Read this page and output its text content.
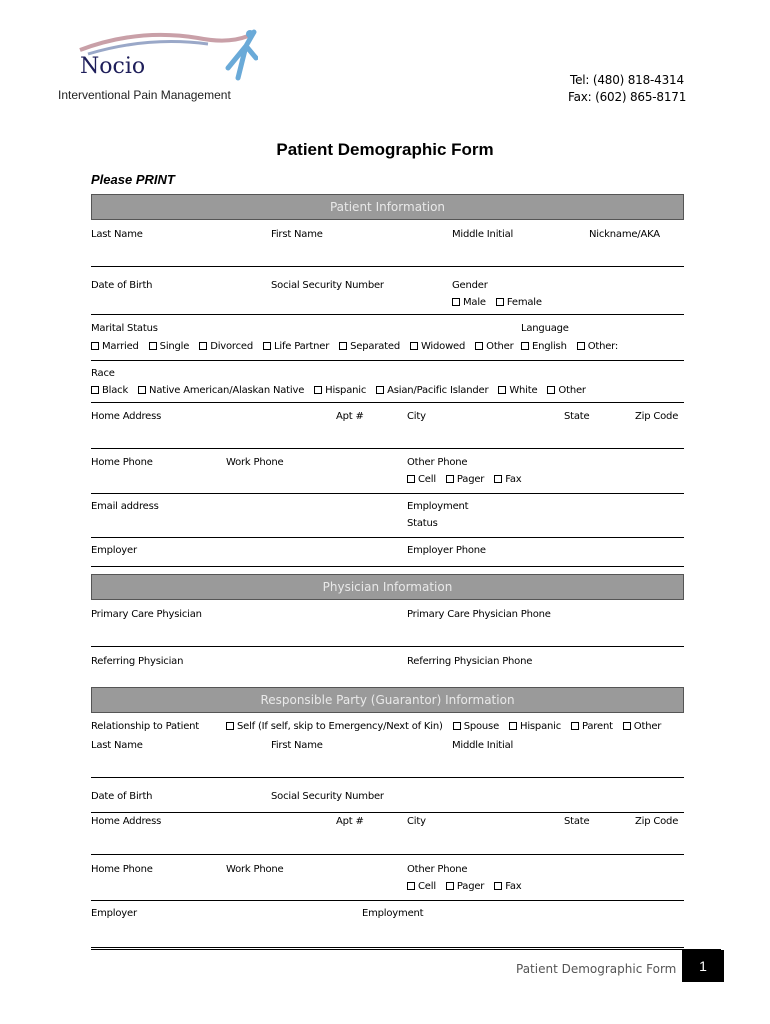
Nocio
Interventional Pain Management
Tel: (480) 818-4314
Fax: (602) 865-8171
Patient Demographic Form
Please PRINT
Patient Information
Last Name	First Name	Middle Initial	Nickname/AKA
Date of Birth	Social Security Number	Gender
Male Female
Marital Status	Language
Married Single Divorced Life Partner Separated Widowed Other	English Other:
Race
Black Native American/Alaskan Native Hispanic Asian/Pacific Islander White Other
Home Address	Apt #	City	State	Zip Code
Home Phone	Work Phone	Other Phone
Cell Pager Fax
Email address	Employment
Status
Employer	Employer Phone
Physician Information
Primary Care Physician	Primary Care Physician Phone
Referring Physician	Referring Physician Phone
Responsible Party (Guarantor) Information
Relationship to Patient	Self (If self, skip to Emergency/Next of Kin) Spouse Hispanic Parent Other
Last Name	First Name	Middle Initial
Date of Birth	Social Security Number
Home Address	Apt #	City	State	Zip Code
Home Phone	Work Phone	Other Phone
Cell Pager Fax
Employer	Employment
Patient Demographic Form	1
